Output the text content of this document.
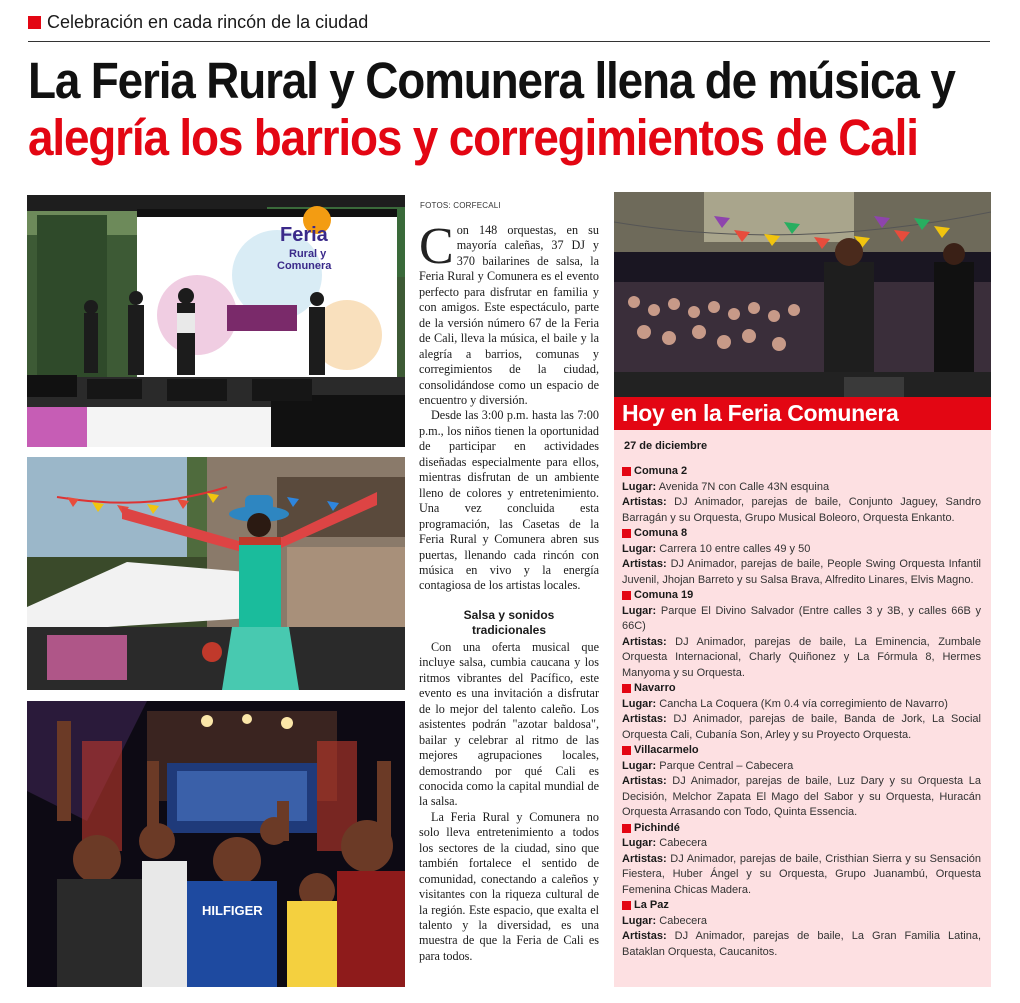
Celebración en cada rincón de la ciudad
La Feria Rural y Comunera llena de música y
alegría los barrios y corregimientos de Cali
Feria
Rural y
Comunera
HILFIGER
FOTOS: CORFECALI

Con 148 orquestas, en su mayoría caleñas, 37 DJ y 370 bailarines de salsa, la Feria Rural y Comunera es el evento perfecto para disfrutar en familia y con amigos. Este espectáculo, parte de la versión número 67 de la Feria de Cali, lleva la música, el baile y la alegría a barrios, comunas y corregimientos de la ciudad, consolidándose como un espacio de encuentro y diversión.

Desde las 3:00 p.m. hasta las 7:00 p.m., los niños tienen la oportunidad de participar en actividades diseñadas especialmente para ellos, mientras disfrutan de un ambiente lleno de colores y entretenimiento. Una vez concluida esta programación, las Casetas de la Feria Rural y Comunera abren sus puertas, llenando cada rincón con música en vivo y la energía contagiosa de los artistas locales.

Salsa y sonidos tradicionales

Con una oferta musical que incluye salsa, cumbia caucana y los ritmos vibrantes del Pacífico, este evento es una invitación a disfrutar de lo mejor del talento caleño. Los asistentes podrán "azotar baldosa", bailar y celebrar al ritmo de las mejores agrupaciones locales, demostrando por qué Cali es conocida como la capital mundial de la salsa.

La Feria Rural y Comunera no solo lleva entretenimiento a todos los sectores de la ciudad, sino que también fortalece el sentido de comunidad, conectando a caleños y visitantes con la riqueza cultural de la región. Este espacio, que exalta el talento y la diversidad, es una muestra de que la Feria de Cali es para todos.

Hoy en la Feria Comunera
27 de diciembre
Comuna 2
Lugar: Avenida 7N con Calle 43N esquina
Artistas: DJ Animador, parejas de baile, Conjunto Jaguey, Sandro Barragán y su Orquesta, Grupo Musical Boleoro, Orquesta Enkanto.
Comuna 8
Lugar: Carrera 10 entre calles 49 y 50
Artistas: DJ Animador, parejas de baile, People Swing Orquesta Infantil Juvenil, Jhojan Barreto y su Salsa Brava, Alfredito Linares, Elvis Magno.
Comuna 19
Lugar: Parque El Divino Salvador (Entre calles 3 y 3B, y calles 66B y 66C)
Artistas: DJ Animador, parejas de baile, La Eminencia, Zumbale Orquesta Internacional, Charly Quiñonez y La Fórmula 8, Hermes Manyoma y su Orquesta.
Navarro
Lugar: Cancha La Coquera (Km 0.4 vía corregimiento de Navarro)
Artistas: DJ Animador, parejas de baile, Banda de Jork, La Social Orquesta Cali, Cubanía Son, Arley y su Proyecto Orquesta.
Villacarmelo
Lugar: Parque Central – Cabecera
Artistas: DJ Animador, parejas de baile, Luz Dary y su Orquesta La Decisión, Melchor Zapata El Mago del Sabor y su Orquesta, Huracán Orquesta Arrasando con Todo, Quinta Essencia.
Pichindé
Lugar: Cabecera
Artistas: DJ Animador, parejas de baile, Cristhian Sierra y su Sensación Fiestera, Huber Ángel y su Orquesta, Grupo Juanambú, Orquesta Femenina Chicas Madera.
La Paz
Lugar: Cabecera
Artistas: DJ Animador, parejas de baile, La Gran Familia Latina, Bataklan Orquesta, Caucanitos.
